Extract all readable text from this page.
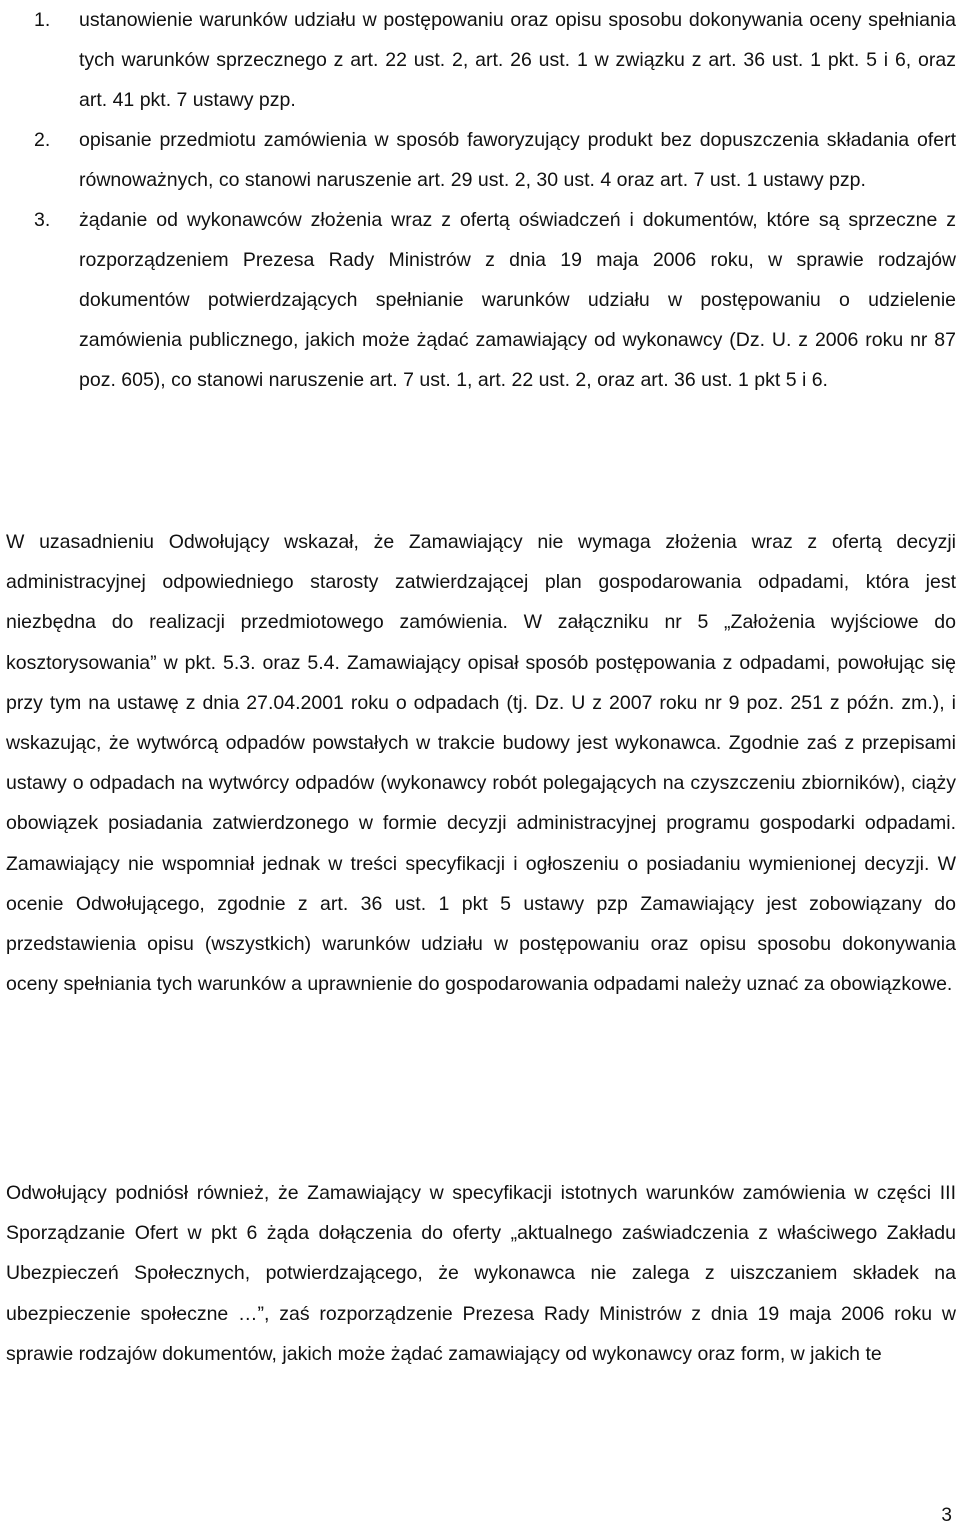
1.	ustanowienie warunków udziału w postępowaniu oraz opisu sposobu dokonywania oceny spełniania tych warunków sprzecznego z art. 22 ust. 2, art. 26 ust. 1 w związku z art. 36 ust. 1 pkt. 5 i 6, oraz art. 41 pkt. 7 ustawy pzp.
2.	opisanie przedmiotu zamówienia w sposób faworyzujący produkt bez dopuszczenia składania ofert równoważnych, co stanowi naruszenie art. 29 ust. 2, 30 ust. 4 oraz art. 7 ust. 1 ustawy pzp.
3.	żądanie od wykonawców złożenia wraz z ofertą oświadczeń i dokumentów, które są sprzeczne z rozporządzeniem Prezesa Rady Ministrów z dnia 19 maja 2006 roku, w sprawie rodzajów dokumentów potwierdzających spełnianie warunków udziału w postępowaniu o udzielenie zamówienia publicznego, jakich może żądać zamawiający od wykonawcy (Dz. U. z 2006 roku nr 87 poz. 605), co stanowi naruszenie art. 7 ust. 1, art. 22 ust. 2, oraz art. 36 ust. 1 pkt 5 i 6.

W uzasadnieniu Odwołujący wskazał, że Zamawiający nie wymaga złożenia wraz z ofertą decyzji administracyjnej odpowiedniego starosty zatwierdzającej plan gospodarowania odpadami, która jest niezbędna do realizacji przedmiotowego zamówienia. W załączniku nr 5 „Założenia wyjściowe do kosztorysowania” w pkt. 5.3. oraz 5.4. Zamawiający opisał sposób postępowania z odpadami, powołując się przy tym na ustawę z dnia 27.04.2001 roku o odpadach (tj. Dz. U z 2007 roku nr 9 poz. 251 z późn. zm.), i wskazując, że wytwórcą odpadów powstałych w trakcie budowy jest wykonawca. Zgodnie zaś z przepisami ustawy o odpadach na wytwórcy odpadów (wykonawcy robót polegających na czyszczeniu zbiorników), ciąży obowiązek posiadania zatwierdzonego w formie decyzji administracyjnej programu gospodarki odpadami. Zamawiający nie wspomniał jednak w treści specyfikacji i ogłoszeniu o posiadaniu wymienionej decyzji. W ocenie Odwołującego, zgodnie z art. 36 ust. 1 pkt 5 ustawy pzp Zamawiający jest zobowiązany do przedstawienia opisu (wszystkich) warunków udziału w postępowaniu oraz opisu sposobu dokonywania oceny spełniania tych warunków a uprawnienie do gospodarowania odpadami należy uznać za obowiązkowe.

Odwołujący podniósł również, że Zamawiający w specyfikacji istotnych warunków zamówienia w części III Sporządzanie Ofert w pkt 6 żąda dołączenia do oferty „aktualnego zaświadczenia z właściwego Zakładu Ubezpieczeń Społecznych, potwierdzającego, że wykonawca nie zalega z uiszczaniem składek na ubezpieczenie społeczne …”, zaś rozporządzenie Prezesa Rady Ministrów z dnia 19 maja 2006 roku w sprawie rodzajów dokumentów, jakich może żądać zamawiający od wykonawcy oraz form, w jakich te

3
